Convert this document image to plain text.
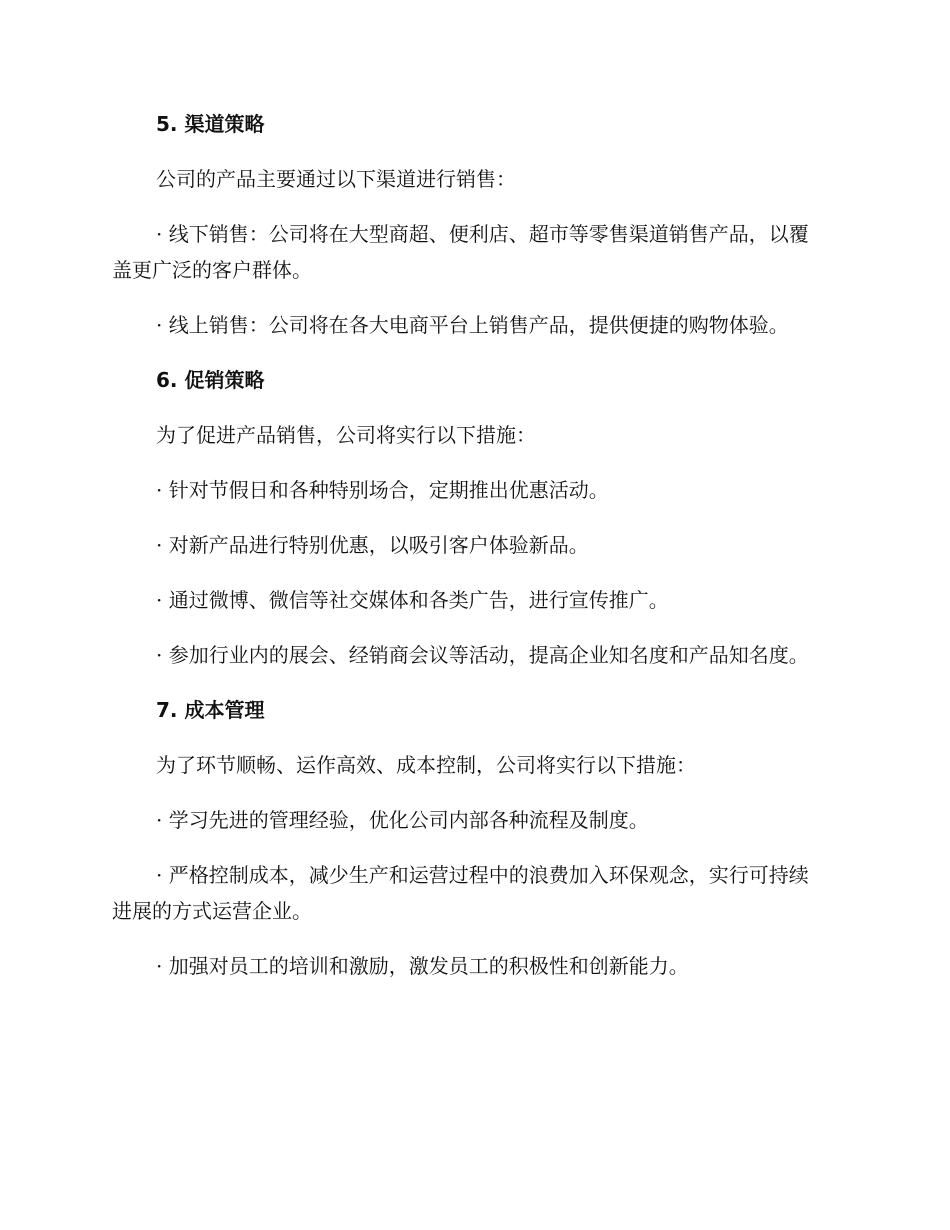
5. 渠道策略

公司的产品主要通过以下渠道进行销售：

· 线下销售：公司将在大型商超、便利店、超市等零售渠道销售产品，以覆盖更广泛的客户群体。

· 线上销售：公司将在各大电商平台上销售产品，提供便捷的购物体验。

6. 促销策略

为了促进产品销售，公司将实行以下措施：

· 针对节假日和各种特别场合，定期推出优惠活动。

· 对新产品进行特别优惠，以吸引客户体验新品。

· 通过微博、微信等社交媒体和各类广告，进行宣传推广。

· 参加行业内的展会、经销商会议等活动，提高企业知名度和产品知名度。

7. 成本管理

为了环节顺畅、运作高效、成本控制，公司将实行以下措施：

· 学习先进的管理经验，优化公司内部各种流程及制度。

· 严格控制成本，减少生产和运营过程中的浪费加入环保观念，实行可持续进展的方式运营企业。

· 加强对员工的培训和激励，激发员工的积极性和创新能力。
